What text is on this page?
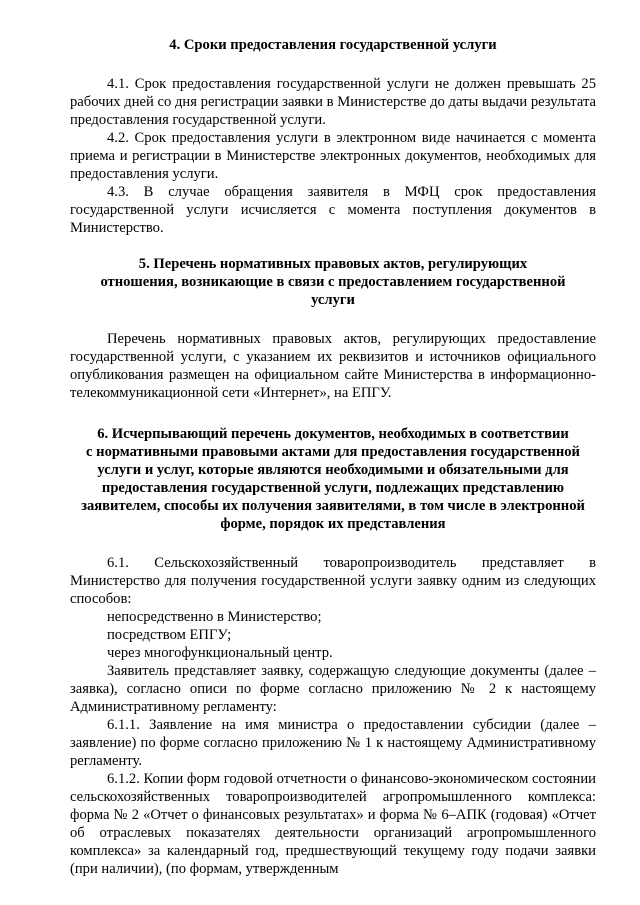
4. Сроки предоставления государственной услуги

4.1. Срок предоставления государственной услуги не должен превышать 25 рабочих дней со дня регистрации заявки в Министерстве до даты выдачи результата предоставления государственной услуги.

4.2. Срок предоставления услуги в электронном виде начинается с момента приема и регистрации в Министерстве электронных документов, необходимых для предоставления услуги.

4.3. В случае обращения заявителя в МФЦ срок предоставления государственной услуги исчисляется с момента поступления документов в Министерство.

5. Перечень нормативных правовых актов, регулирующих
отношения, возникающие в связи с предоставлением государственной
услуги

Перечень нормативных правовых актов, регулирующих предоставление государственной услуги, с указанием их реквизитов и источников официального опубликования размещен на официальном сайте Министерства в информационно-телекоммуникационной сети «Интернет», на ЕПГУ.

6. Исчерпывающий перечень документов, необходимых в соответствии
с нормативными правовыми актами для предоставления государственной
услуги и услуг, которые являются необходимыми и обязательными для
предоставления государственной услуги, подлежащих представлению
заявителем, способы их получения заявителями, в том числе в электронной
форме, порядок их представления

6.1. Сельскохозяйственный товаропроизводитель представляет в Министерство для получения государственной услуги заявку одним из следующих способов:

непосредственно в Министерство;

посредством ЕПГУ;

через многофункциональный центр.

Заявитель представляет заявку, содержащую следующие документы (далее – заявка), согласно описи по форме согласно приложению № 2 к настоящему Административному регламенту:

6.1.1. Заявление на имя министра о предоставлении субсидии (далее – заявление) по форме согласно приложению № 1 к настоящему Административному регламенту.

6.1.2. Копии форм годовой отчетности о финансово-экономическом состоянии сельскохозяйственных товаропроизводителей агропромышленного комплекса: форма № 2 «Отчет о финансовых результатах» и форма № 6–АПК (годовая) «Отчет об отраслевых показателях деятельности организаций агропромышленного комплекса» за календарный год, предшествующий текущему году подачи заявки (при наличии), (по формам, утвержденным
